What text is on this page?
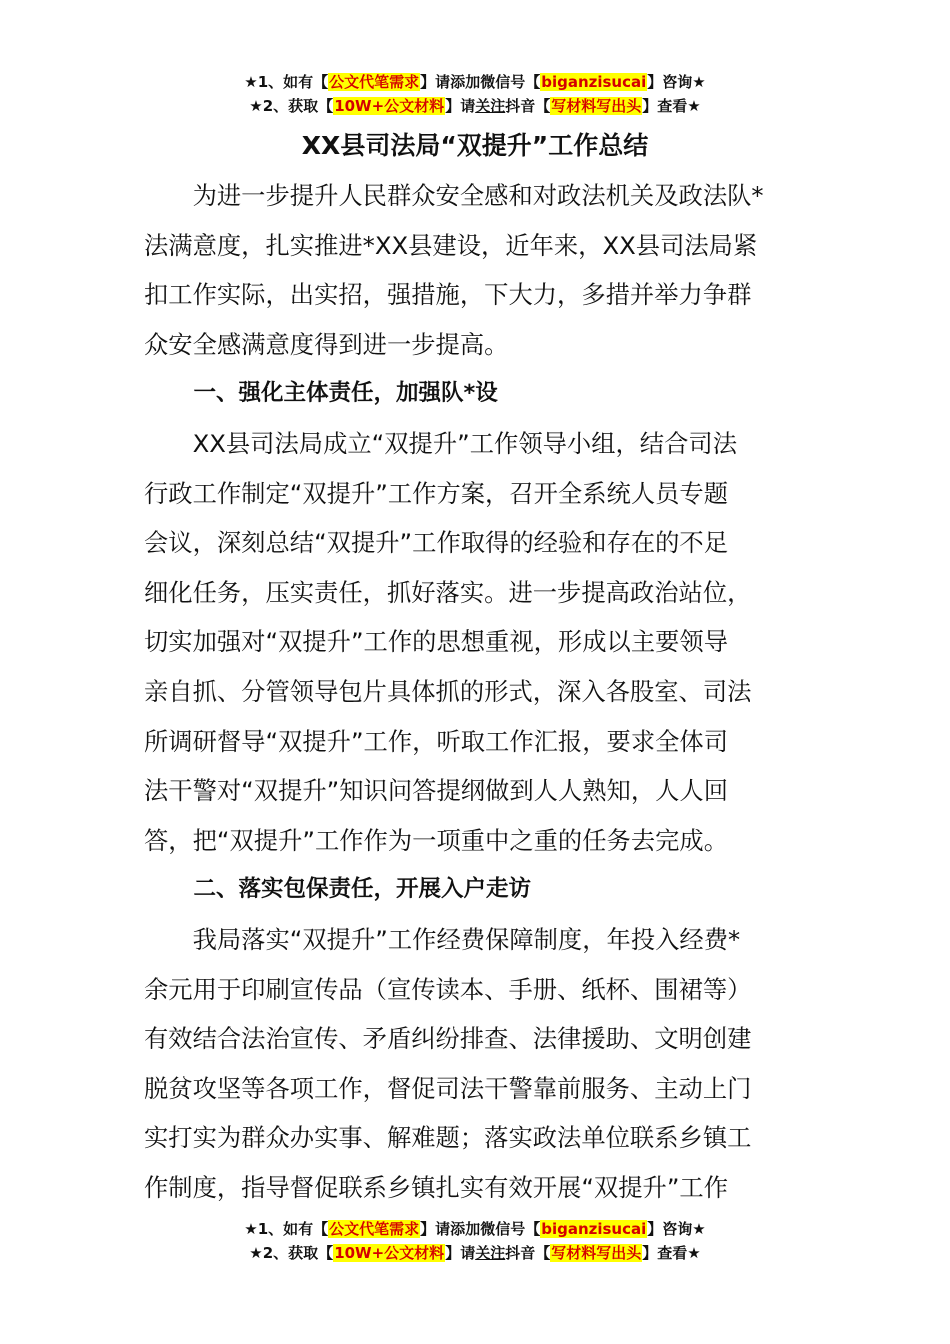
★1、如有【公文代笔需求】请添加微信号【biganzisucai】咨询★
★2、获取【10W+公文材料】请关注抖音【写材料写出头】查看★
XX县司法局“双提升”工作总结

为进一步提升人民群众安全感和对政法机关及政法队*
法满意度，扎实推进*XX县建设，近年来，XX县司法局紧
扣工作实际，出实招，强措施，下大力，多措并举力争群
众安全感满意度得到进一步提高。

一、强化主体责任，加强队*设

XX县司法局成立“双提升”工作领导小组，结合司法
行政工作制定“双提升”工作方案，召开全系统人员专题
会议，深刻总结“双提升”工作取得的经验和存在的不足
细化任务，压实责任，抓好落实。进一步提高政治站位，
切实加强对“双提升”工作的思想重视，形成以主要领导
亲自抓、分管领导包片具体抓的形式，深入各股室、司法
所调研督导“双提升”工作，听取工作汇报，要求全体司
法干警对“双提升”知识问答提纲做到人人熟知，人人回
答，把“双提升”工作作为一项重中之重的任务去完成。

二、落实包保责任，开展入户走访

我局落实“双提升”工作经费保障制度，年投入经费*
余元用于印刷宣传品（宣传读本、手册、纸杯、围裙等）
有效结合法治宣传、矛盾纠纷排查、法律援助、文明创建
脱贫攻坚等各项工作，督促司法干警靠前服务、主动上门
实打实为群众办实事、解难题；落实政法单位联系乡镇工
作制度，指导督促联系乡镇扎实有效开展“双提升”工作

★1、如有【公文代笔需求】请添加微信号【biganzisucai】咨询★
★2、获取【10W+公文材料】请关注抖音【写材料写出头】查看★
